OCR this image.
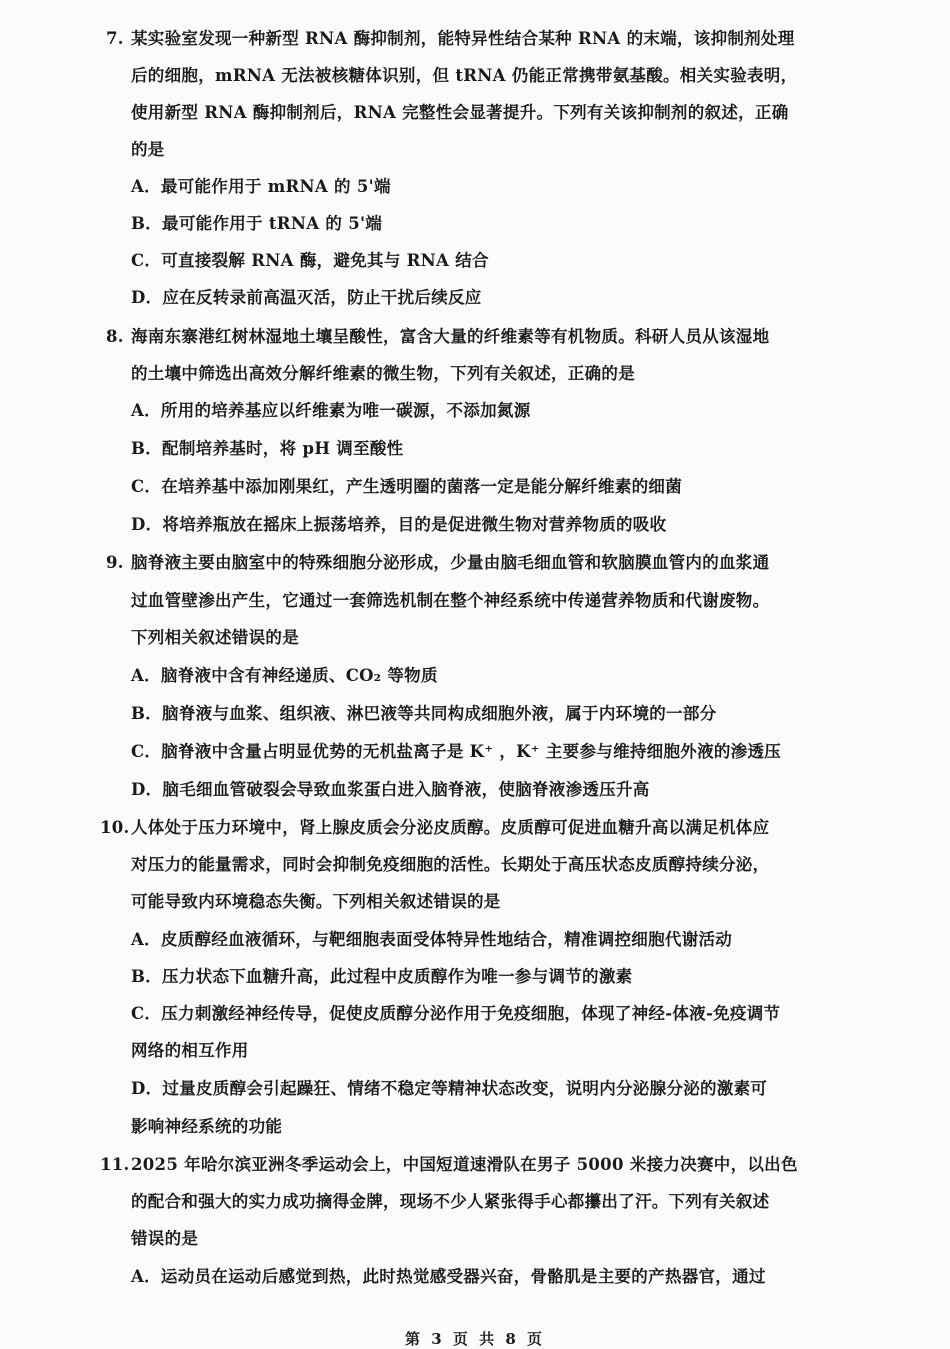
7. 某实验室发现一种新型 RNA 酶抑制剂，能特异性结合某种 RNA 的末端，该抑制剂处理
后的细胞，mRNA 无法被核糖体识别，但 tRNA 仍能正常携带氨基酸。相关实验表明，
使用新型 RNA 酶抑制剂后，RNA 完整性会显著提升。下列有关该抑制剂的叙述，正确
的是
A．最可能作用于 mRNA 的 5'端
B．最可能作用于 tRNA 的 5'端
C．可直接裂解 RNA 酶，避免其与 RNA 结合
D．应在反转录前高温灭活，防止干扰后续反应
8. 海南东寨港红树林湿地土壤呈酸性，富含大量的纤维素等有机物质。科研人员从该湿地
的土壤中筛选出高效分解纤维素的微生物，下列有关叙述，正确的是
A．所用的培养基应以纤维素为唯一碳源，不添加氮源
B．配制培养基时，将 pH 调至酸性
C．在培养基中添加刚果红，产生透明圈的菌落一定是能分解纤维素的细菌
D．将培养瓶放在摇床上振荡培养，目的是促进微生物对营养物质的吸收
9. 脑脊液主要由脑室中的特殊细胞分泌形成，少量由脑毛细血管和软脑膜血管内的血浆通
过血管壁渗出产生，它通过一套筛选机制在整个神经系统中传递营养物质和代谢废物。
下列相关叙述错误的是
A．脑脊液中含有神经递质、CO₂ 等物质
B．脑脊液与血浆、组织液、淋巴液等共同构成细胞外液，属于内环境的一部分
C．脑脊液中含量占明显优势的无机盐离子是 K⁺ ，K⁺ 主要参与维持细胞外液的渗透压
D．脑毛细血管破裂会导致血浆蛋白进入脑脊液，使脑脊液渗透压升高
10. 人体处于压力环境中，肾上腺皮质会分泌皮质醇。皮质醇可促进血糖升高以满足机体应
对压力的能量需求，同时会抑制免疫细胞的活性。长期处于高压状态皮质醇持续分泌，
可能导致内环境稳态失衡。下列相关叙述错误的是
A．皮质醇经血液循环，与靶细胞表面受体特异性地结合，精准调控细胞代谢活动
B．压力状态下血糖升高，此过程中皮质醇作为唯一参与调节的激素
C．压力刺激经神经传导，促使皮质醇分泌作用于免疫细胞，体现了神经-体液-免疫调节
网络的相互作用
D．过量皮质醇会引起躁狂、情绪不稳定等精神状态改变，说明内分泌腺分泌的激素可
影响神经系统的功能
11. 2025 年哈尔滨亚洲冬季运动会上，中国短道速滑队在男子 5000 米接力决赛中，以出色
的配合和强大的实力成功摘得金牌，现场不少人紧张得手心都攥出了汗。下列有关叙述
错误的是
A．运动员在运动后感觉到热，此时热觉感受器兴奋，骨骼肌是主要的产热器官，通过
第 3 页 共 8 页
